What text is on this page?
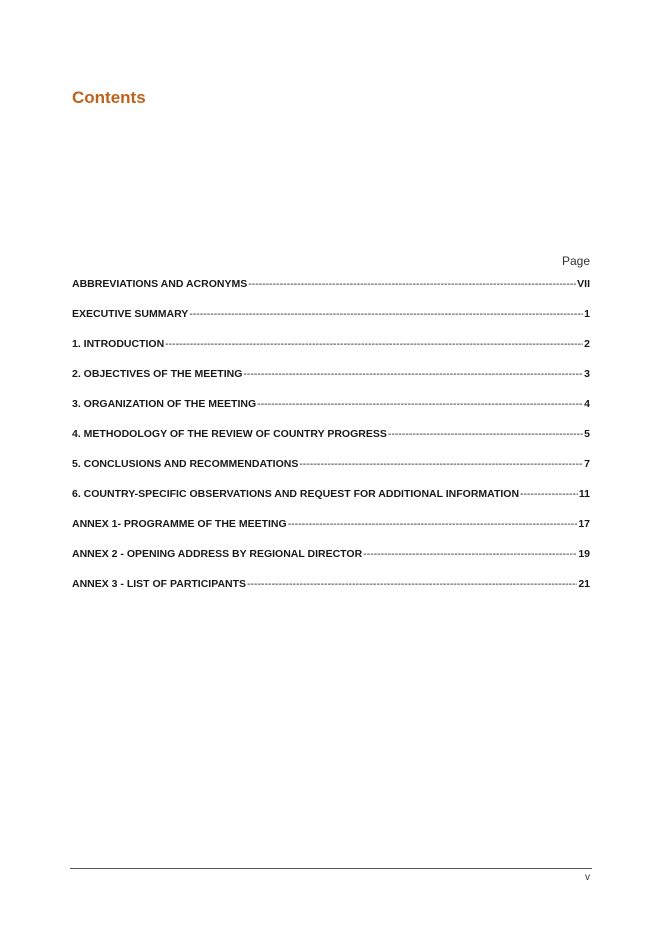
Contents
Page
ABBREVIATIONS AND ACRONYMS -----	VII
EXECUTIVE SUMMARY -----	1
1. INTRODUCTION -----	2
2. OBJECTIVES OF THE MEETING -----	3
3. ORGANIZATION OF THE MEETING -----	4
4. METHODOLOGY OF THE REVIEW OF COUNTRY PROGRESS -----	5
5. CONCLUSIONS AND RECOMMENDATIONS -----	7
6. COUNTRY-SPECIFIC OBSERVATIONS AND REQUEST FOR ADDITIONAL INFORMATION -----	11
ANNEX 1- PROGRAMME OF THE MEETING -----	17
ANNEX 2 - OPENING ADDRESS BY REGIONAL DIRECTOR -----	19
ANNEX 3 - LIST OF PARTICIPANTS -----	21
v
